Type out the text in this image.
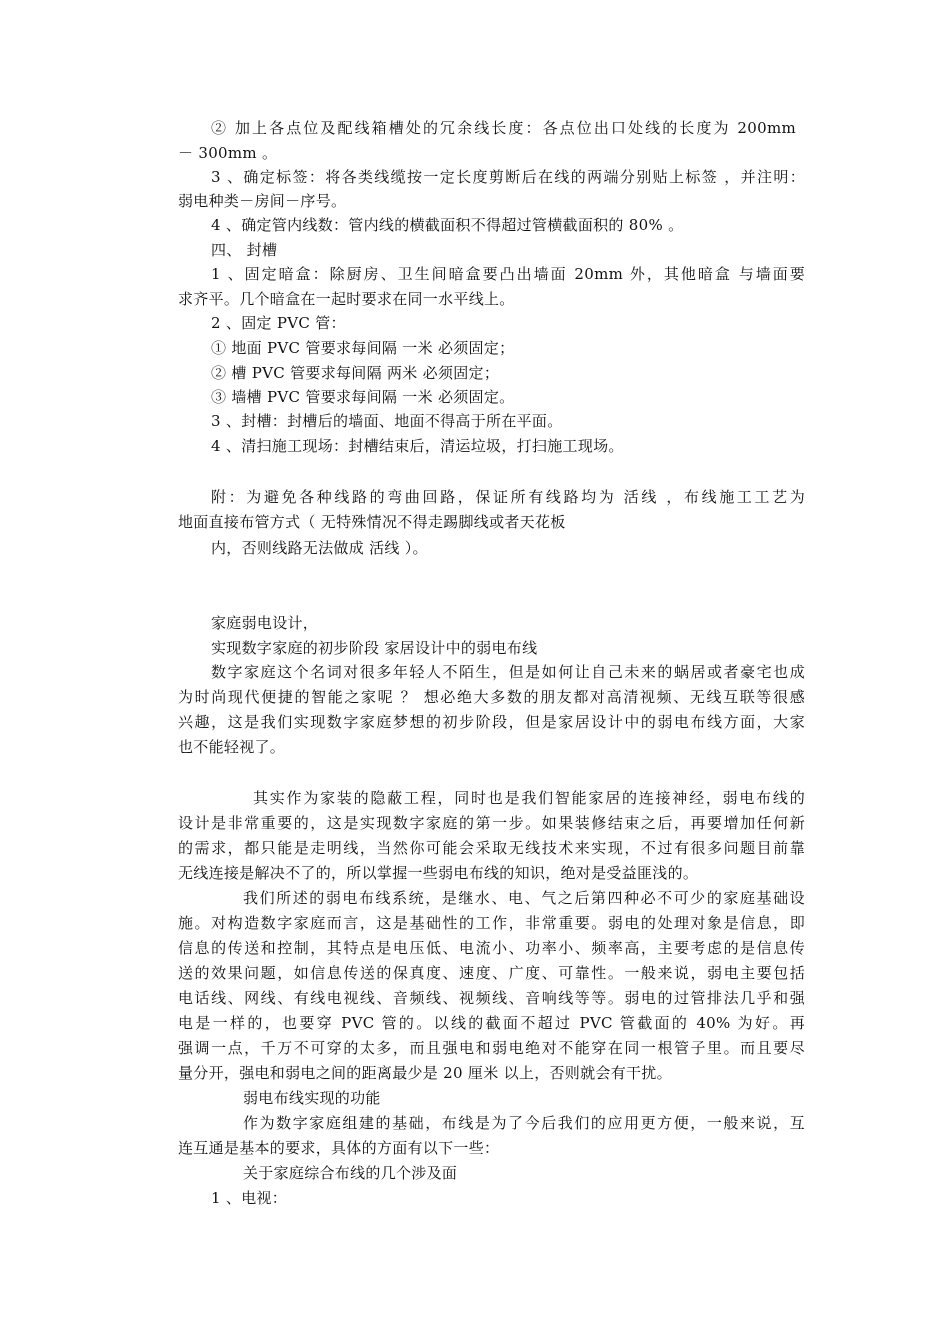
② 加上各点位及配线箱槽处的冗余线长度：各点位出口处线的长度为 200mm
－ 300mm 。
3 、确定标签：将各类线缆按一定长度剪断后在线的两端分别贴上标签 ，并注明：
弱电种类－房间－序号。
4 、确定管内线数：管内线的横截面积不得超过管横截面积的 80% 。
四、 封槽
1 、固定暗盒：除厨房、卫生间暗盒要凸出墙面 20mm 外，其他暗盒 与墙面要
求齐平。几个暗盒在一起时要求在同一水平线上。
2 、固定 PVC 管：
① 地面 PVC 管要求每间隔 一米 必须固定；
② 槽 PVC 管要求每间隔 两米 必须固定；
③ 墙槽 PVC 管要求每间隔 一米 必须固定。
3 、封槽：封槽后的墙面、地面不得高于所在平面。
4 、清扫施工现场：封槽结束后，清运垃圾，打扫施工现场。
附：为避免各种线路的弯曲回路，保证所有线路均为 活线 ，布线施工工艺为
地面直接布管方式（ 无特殊情况不得走踢脚线或者天花板
内，否则线路无法做成 活线 ）。
家庭弱电设计，
实现数字家庭的初步阶段 家居设计中的弱电布线
数字家庭这个名词对很多年轻人不陌生，但是如何让自己未来的蜗居或者豪宅也成
为时尚现代便捷的智能之家呢 ？ 想必绝大多数的朋友都对高清视频、无线互联等很感
兴趣，这是我们实现数字家庭梦想的初步阶段，但是家居设计中的弱电布线方面，大家
也不能轻视了。
其实作为家装的隐蔽工程，同时也是我们智能家居的连接神经，弱电布线的
设计是非常重要的，这是实现数字家庭的第一步。如果装修结束之后，再要增加任何新
的需求，都只能是走明线，当然你可能会采取无线技术来实现，不过有很多问题目前靠
无线连接是解决不了的，所以掌握一些弱电布线的知识，绝对是受益匪浅的。
我们所述的弱电布线系统，是继水、电、气之后第四种必不可少的家庭基础设
施。对构造数字家庭而言，这是基础性的工作，非常重要。弱电的处理对象是信息，即
信息的传送和控制，其特点是电压低、电流小、功率小、频率高，主要考虑的是信息传
送的效果问题，如信息传送的保真度、速度、广度、可靠性。一般来说，弱电主要包括
电话线、网线、有线电视线、音频线、视频线、音响线等等。弱电的过管排法几乎和强
电是一样的，也要穿 PVC 管的。以线的截面不超过 PVC 管截面的 40% 为好。再
强调一点，千万不可穿的太多，而且强电和弱电绝对不能穿在同一根管子里。而且要尽
量分开，强电和弱电之间的距离最少是 20 厘米 以上，否则就会有干扰。
弱电布线实现的功能
作为数字家庭组建的基础，布线是为了今后我们的应用更方便，一般来说，互
连互通是基本的要求，具体的方面有以下一些：
关于家庭综合布线的几个涉及面
1 、电视：
